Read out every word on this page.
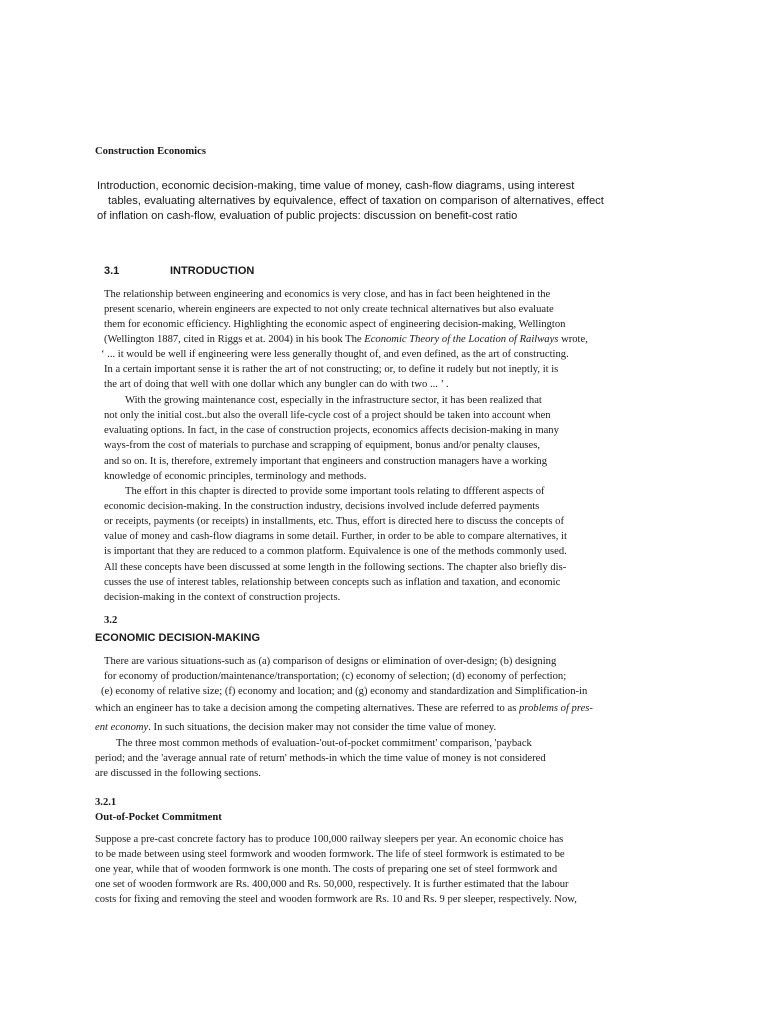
Construction Economics
Introduction, economic decision-making, time value of money, cash-flow diagrams, using interest
tables, evaluating alternatives by equivalence, effect of taxation on comparison of alternatives, effect
of inflation on cash-flow, evaluation of public projects: discussion on benefit-cost ratio
3.1	INTRODUCTION
The relationship between engineering and economics is very close, and has in fact been heightened in the
present scenario, wherein engineers are expected to not only create technical alternatives but also evaluate
them for economic efficiency. Highlighting the economic aspect of engineering decision-making, Wellington
(Wellington 1887, cited in Riggs et at. 2004) in his book The Economic Theory of the Location of Railways wrote,
‘ ... it would be well if engineering were less generally thought of, and even defined, as the art of constructing.
In a certain important sense it is rather the art of not constructing; or, to define it rudely but not ineptly, it is
the art of doing that well with one dollar which any bungler can do with two ... ’ .
With the growing maintenance cost, especially in the infrastructure sector, it has been realized that
not only the initial cost..but also the overall life-cycle cost of a project should be taken into account when
evaluating options. In fact, in the case of construction projects, economics affects decision-making in many
ways-from the cost of materials to purchase and scrapping of equipment, bonus and/or penalty clauses,
and so on. It is, therefore, extremely important that engineers and construction managers have a working
knowledge of economic principles, terminology and methods.
The effort in this chapter is directed to provide some important tools relating to dffferent aspects of
economic decision-making. In the construction industry, decisions involved include deferred payments
or receipts, payments (or receipts) in installments, etc. Thus, effort is directed here to discuss the concepts of
value of money and cash-flow diagrams in some detail. Further, in order to be able to compare alternatives, it
is important that they are reduced to a common platform. Equivalence is one of the methods commonly used.
All these concepts have been discussed at some length in the following sections. The chapter also briefly dis-
cusses the use of interest tables, relationship between concepts such as inflation and taxation, and economic
decision-making in the context of construction projects.
3.2
ECONOMIC DECISION-MAKING
There are various situations-such as (a) comparison of designs or elimination of over-design; (b) designing
for economy of production/maintenance/transportation; (c) economy of selection; (d) economy of perfection;
(e) economy of relative size; (f) economy and location; and (g) economy and standardization and Simplification-in
which an engineer has to take a decision among the competing alternatives. These are referred to as problems of pres-
ent economy. In such situations, the decision maker may not consider the time value of money.
The three most common methods of evaluation-'out-of-pocket commitment' comparison, 'payback
period; and the 'average annual rate of return' methods-in which the time value of money is not considered
are discussed in the following sections.
3.2.1
Out-of-Pocket Commitment
Suppose a pre-cast concrete factory has to produce 100,000 railway sleepers per year. An economic choice has
to be made between using steel formwork and wooden formwork. The life of steel formwork is estimated to be
one year, while that of wooden formwork is one month. The costs of preparing one set of steel formwork and
one set of wooden formwork are Rs. 400,000 and Rs. 50,000, respectively. It is further estimated that the labour
costs for fixing and removing the steel and wooden formwork are Rs. 10 and Rs. 9 per sleeper, respectively. Now,
